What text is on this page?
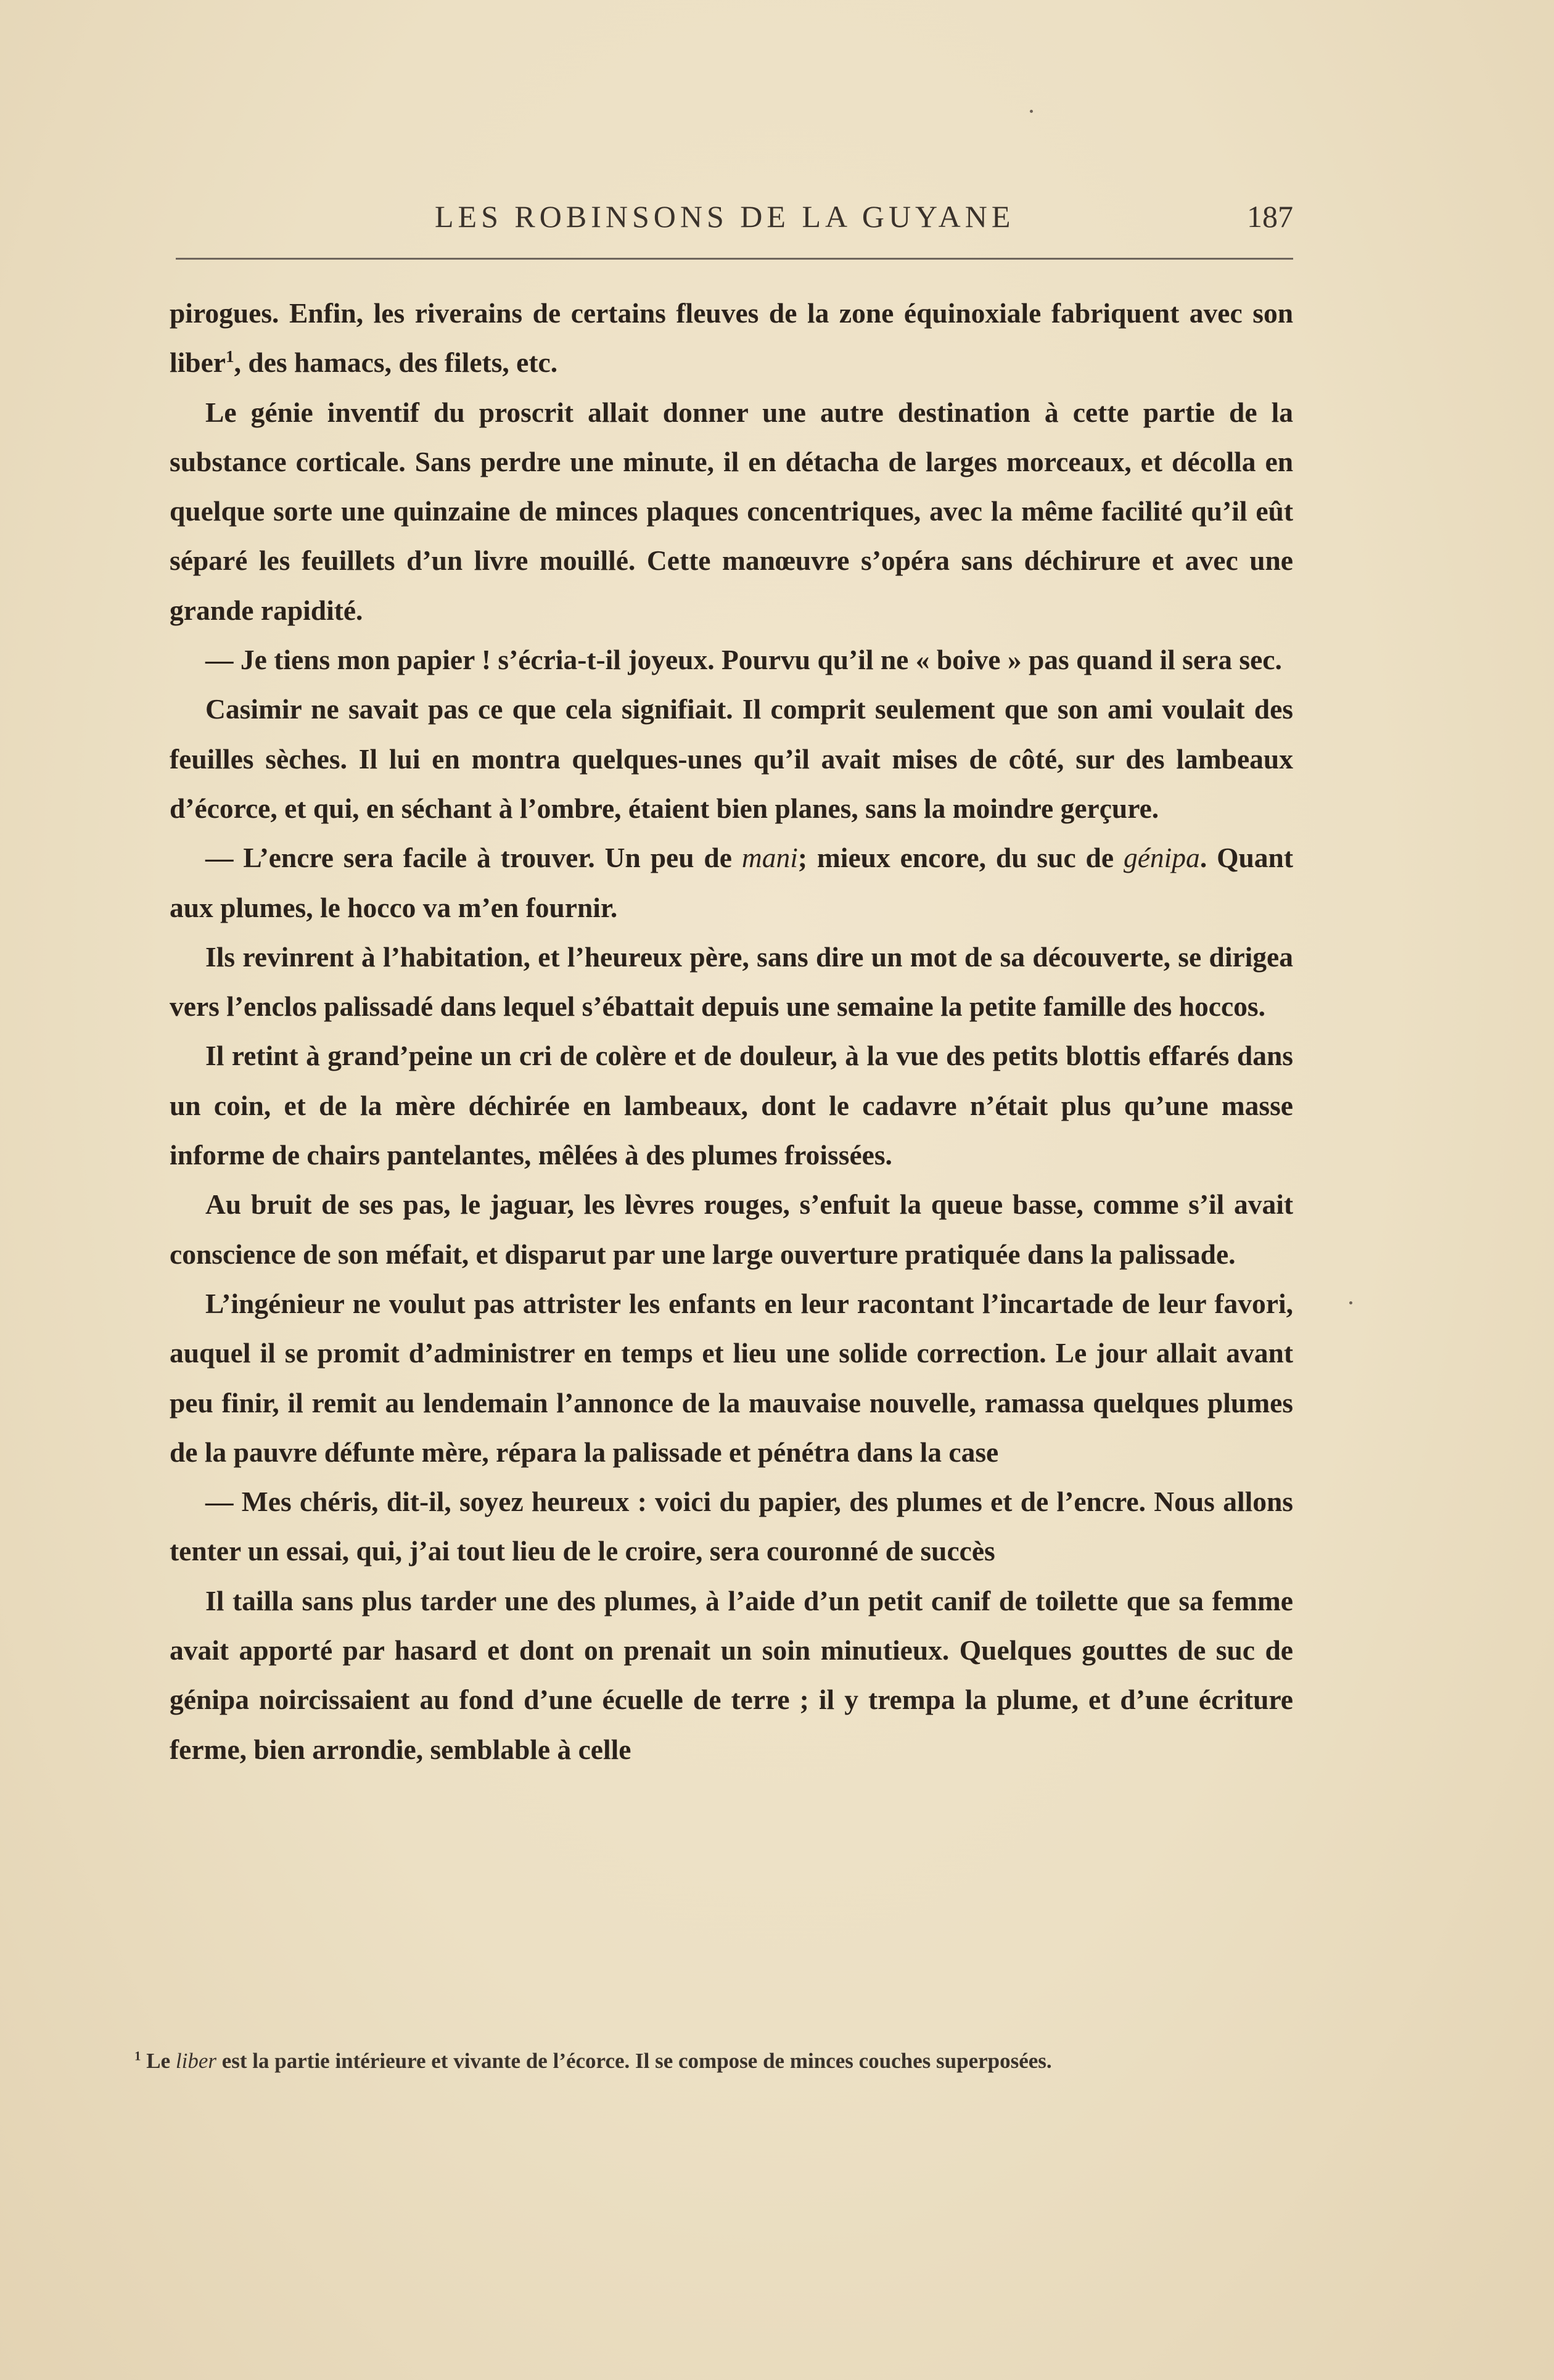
LES ROBINSONS DE LA GUYANE	187

pirogues. Enfin, les riverains de certains fleuves de la zone équinoxiale fabriquent avec son liber$^1$, des hamacs, des filets, etc.

Le génie inventif du proscrit allait donner une autre destination à cette partie de la substance corticale. Sans perdre une minute, il en détacha de larges morceaux, et décolla en quelque sorte une quinzaine de minces plaques concentriques, avec la même facilité qu’il eût séparé les feuillets d’un livre mouillé. Cette manœuvre s’opéra sans déchirure et avec une grande rapidité.

— Je tiens mon papier ! s’écria-t-il joyeux. Pourvu qu’il ne « boive » pas quand il sera sec.

Casimir ne savait pas ce que cela signifiait. Il comprit seulement que son ami voulait des feuilles sèches. Il lui en montra quelques-unes qu’il avait mises de côté, sur des lambeaux d’écorce, et qui, en séchant à l’ombre, étaient bien planes, sans la moindre gerçure.

— L’encre sera facile à trouver. Un peu de mani; mieux encore, du suc de génipa. Quant aux plumes, le hocco va m’en fournir.

Ils revinrent à l’habitation, et l’heureux père, sans dire un mot de sa découverte, se dirigea vers l’enclos palissadé dans lequel s’ébattait depuis une semaine la petite famille des hoccos.

Il retint à grand’peine un cri de colère et de douleur, à la vue des petits blottis effarés dans un coin, et de la mère déchirée en lambeaux, dont le cadavre n’était plus qu’une masse informe de chairs pantelantes, mêlées à des plumes froissées.

Au bruit de ses pas, le jaguar, les lèvres rouges, s’enfuit la queue basse, comme s’il avait conscience de son méfait, et disparut par une large ouverture pratiquée dans la palissade.

L’ingénieur ne voulut pas attrister les enfants en leur racontant l’incartade de leur favori, auquel il se promit d’administrer en temps et lieu une solide correction. Le jour allait avant peu finir, il remit au lendemain l’annonce de la mauvaise nouvelle, ramassa quelques plumes de la pauvre défunte mère, répara la palissade et pénétra dans la case

— Mes chéris, dit-il, soyez heureux : voici du papier, des plumes et de l’encre. Nous allons tenter un essai, qui, j’ai tout lieu de le croire, sera couronné de succès

Il tailla sans plus tarder une des plumes, à l’aide d’un petit canif de toilette que sa femme avait apporté par hasard et dont on prenait un soin minutieux. Quelques gouttes de suc de génipa noircissaient au fond d’une écuelle de terre ; il y trempa la plume, et d’une écriture ferme, bien arrondie, semblable à celle

$^1$ Le liber est la partie intérieure et vivante de l’écorce. Il se compose de minces couches superposées.
